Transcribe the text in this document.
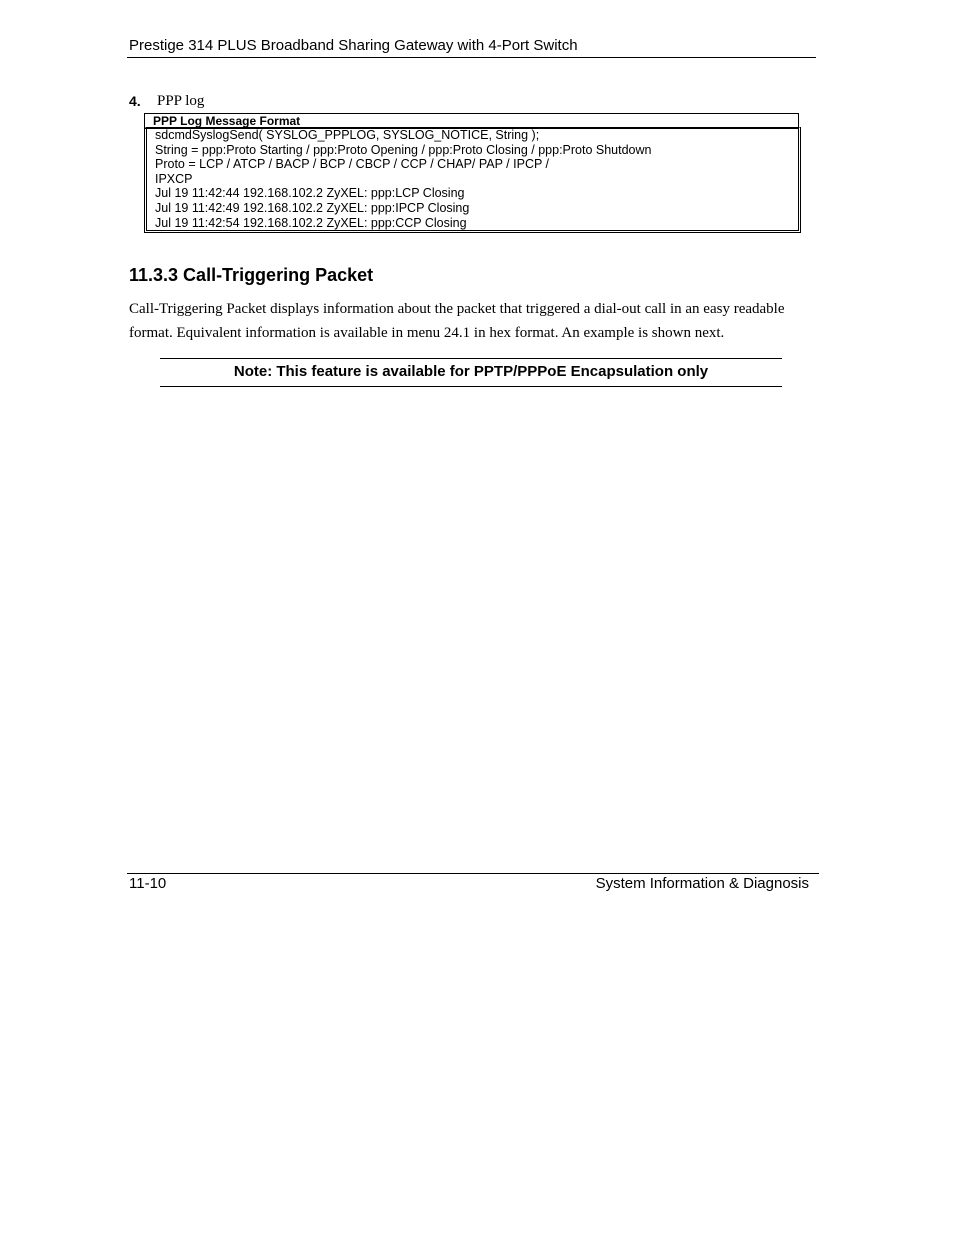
Prestige 314 PLUS Broadband Sharing Gateway with 4-Port Switch
4. PPP log
PPP Log Message Format
sdcmdSyslogSend( SYSLOG_PPPLOG, SYSLOG_NOTICE, String );
String = ppp:Proto Starting / ppp:Proto Opening / ppp:Proto Closing / ppp:Proto Shutdown
Proto = LCP / ATCP / BACP / BCP / CBCP / CCP / CHAP/ PAP / IPCP /
IPXCP
Jul 19 11:42:44 192.168.102.2 ZyXEL: ppp:LCP Closing
Jul 19 11:42:49 192.168.102.2 ZyXEL: ppp:IPCP Closing
Jul 19 11:42:54 192.168.102.2 ZyXEL: ppp:CCP Closing
11.3.3 Call-Triggering Packet
Call-Triggering Packet displays information about the packet that triggered a dial-out call in an easy readable format. Equivalent information is available in menu 24.1 in hex format. An example is shown next.
Note: This feature is available for PPTP/PPPoE Encapsulation only
11-10	System Information & Diagnosis
